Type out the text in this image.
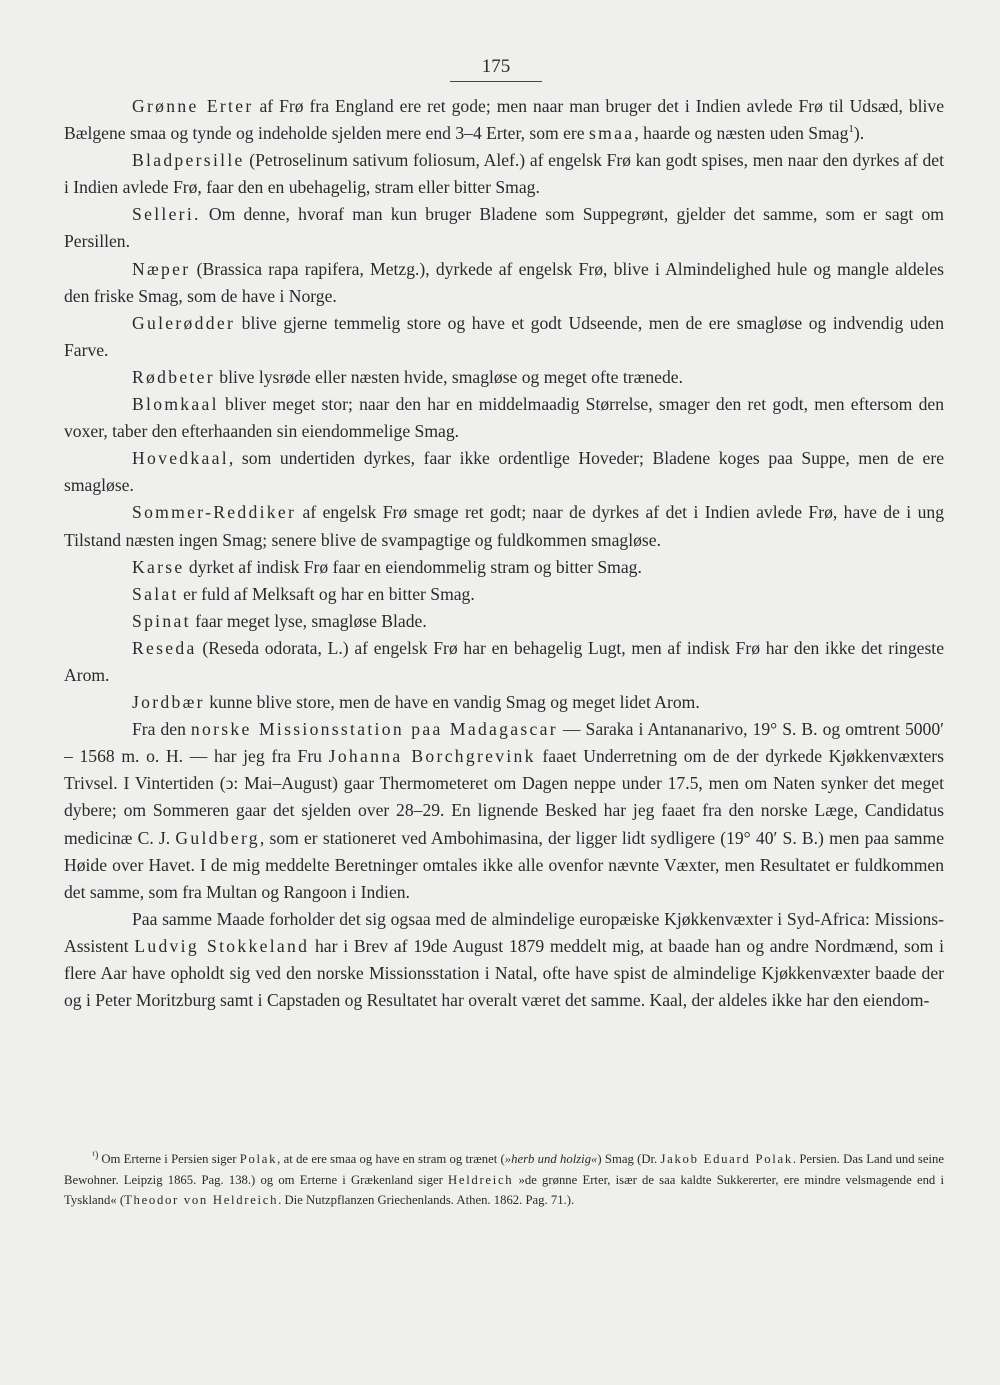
175

Grønne Erter af Frø fra England ere ret gode; men naar man bruger det i Indien avlede Frø til Udsæd, blive Bælgene smaa og tynde og indeholde sjelden mere end 3–4 Erter, som ere smaa, haarde og næsten uden Smag$^1$).

Bladpersille (Petroselinum sativum foliosum, Alef.) af engelsk Frø kan godt spises, men naar den dyrkes af det i Indien avlede Frø, faar den en ubehagelig, stram eller bitter Smag.

Selleri. Om denne, hvoraf man kun bruger Bladene som Suppegrønt, gjelder det samme, som er sagt om Persillen.

Næper (Brassica rapa rapifera, Metzg.), dyrkede af engelsk Frø, blive i Almindelighed hule og mangle aldeles den friske Smag, som de have i Norge.

Gulerødder blive gjerne temmelig store og have et godt Udseende, men de ere smagløse og indvendig uden Farve.

Rødbeter blive lysrøde eller næsten hvide, smagløse og meget ofte trænede.

Blomkaal bliver meget stor; naar den har en middelmaadig Størrelse, smager den ret godt, men eftersom den voxer, taber den efterhaanden sin eiendommelige Smag.

Hovedkaal, som undertiden dyrkes, faar ikke ordentlige Hoveder; Bladene koges paa Suppe, men de ere smagløse.

Sommer-Reddiker af engelsk Frø smage ret godt; naar de dyrkes af det i Indien avlede Frø, have de i ung Tilstand næsten ingen Smag; senere blive de svampagtige og fuldkommen smagløse.

Karse dyrket af indisk Frø faar en eiendommelig stram og bitter Smag.

Salat er fuld af Melksaft og har en bitter Smag.

Spinat faar meget lyse, smagløse Blade.

Reseda (Reseda odorata, L.) af engelsk Frø har en behagelig Lugt, men af indisk Frø har den ikke det ringeste Arom.

Jordbær kunne blive store, men de have en vandig Smag og meget lidet Arom.

Fra den norske Missionsstation paa Madagascar — Saraka i Antananarivo, 19° S. B. og omtrent 5000′ – 1568 m. o. H. — har jeg fra Fru Johanna Borchgrevink faaet Underretning om de der dyrkede Kjøkkenvæxters Trivsel. I Vintertiden (ↄ: Mai–August) gaar Thermometeret om Dagen neppe under 17.5, men om Naten synker det meget dybere; om Sommeren gaar det sjelden over 28–29. En lignende Besked har jeg faaet fra den norske Læge, Candidatus medicinæ C. J. Guldberg, som er stationeret ved Ambohimasina, der ligger lidt sydligere (19° 40′ S. B.) men paa samme Høide over Havet. I de mig meddelte Beretninger omtales ikke alle ovenfor nævnte Væxter, men Resultatet er fuldkommen det samme, som fra Multan og Rangoon i Indien.

Paa samme Maade forholder det sig ogsaa med de almindelige europæiske Kjøkkenvæxter i Syd-Africa: Missions-Assistent Ludvig Stokkeland har i Brev af 19de August 1879 meddelt mig, at baade han og andre Nordmænd, som i flere Aar have opholdt sig ved den norske Missionsstation i Natal, ofte have spist de almindelige Kjøkkenvæxter baade der og i Peter Moritzburg samt i Capstaden og Resultatet har overalt været det samme. Kaal, der aldeles ikke har den eiendom-

$^{^1)}$ Om Erterne i Persien siger Polak, at de ere smaa og have en stram og trænet (»herb und holzig«) Smag (Dr. Jakob Eduard Polak. Persien. Das Land und seine Bewohner. Leipzig 1865. Pag. 138.) og om Erterne i Grækenland siger Heldreich »de grønne Erter, især de saa kaldte Sukkererter, ere mindre velsmagende end i Tyskland« (Theodor von Heldreich. Die Nutzpflanzen Griechenlands. Athen. 1862. Pag. 71.).
